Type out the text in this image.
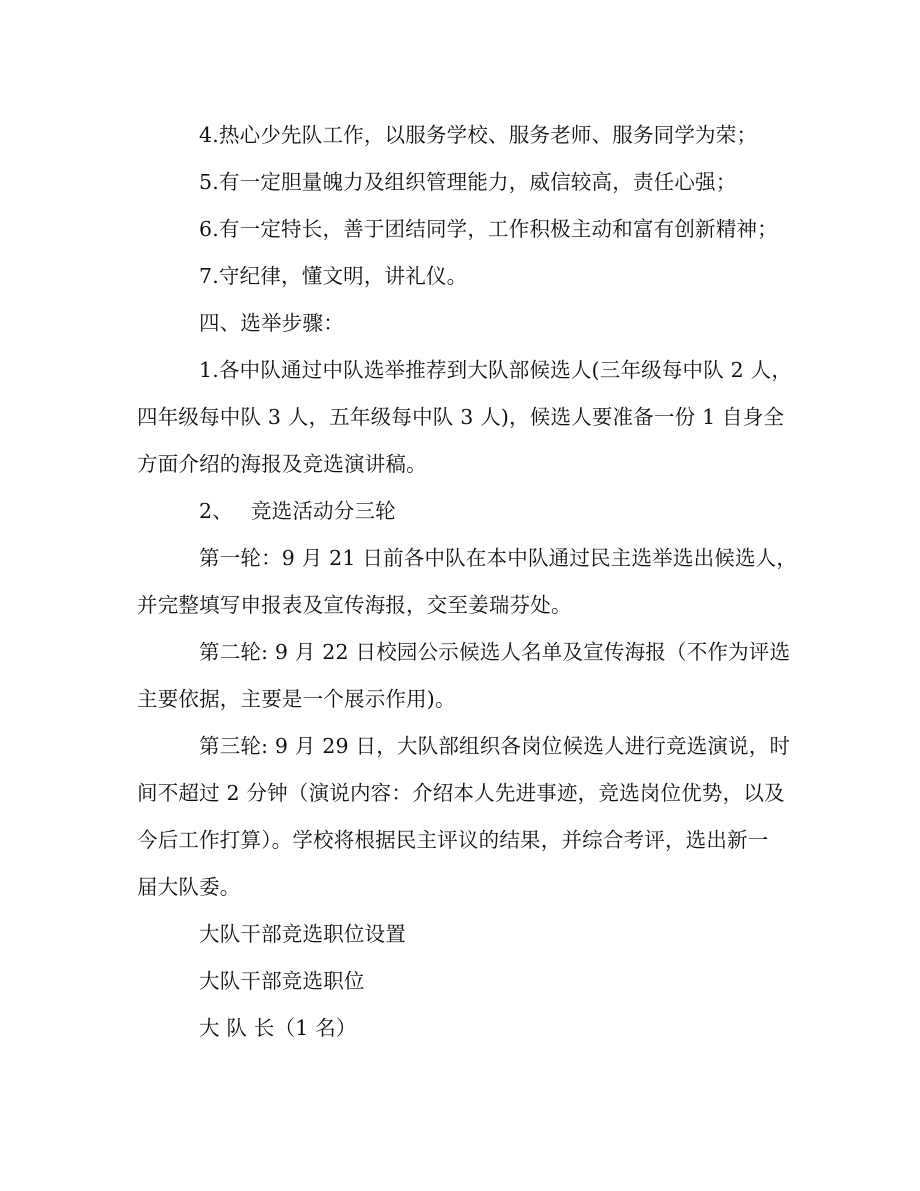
4.热心少先队工作，以服务学校、服务老师、服务同学为荣；
5.有一定胆量魄力及组织管理能力，威信较高，责任心强；
6.有一定特长，善于团结同学，工作积极主动和富有创新精神；
7.守纪律，懂文明，讲礼仪。
四、选举步骤：
1.各中队通过中队选举推荐到大队部候选人(三年级每中队 2 人，
四年级每中队 3 人，五年级每中队 3 人)，候选人要准备一份 1 自身全
方面介绍的海报及竞选演讲稿。
2、 竞选活动分三轮
第一轮：9 月 21 日前各中队在本中队通过民主选举选出候选人，
并完整填写申报表及宣传海报，交至姜瑞芬处。
第二轮: 9 月 22 日校园公示候选人名单及宣传海报（不作为评选
主要依据，主要是一个展示作用)。
第三轮: 9 月 29 日，大队部组织各岗位候选人进行竞选演说，时
间不超过 2 分钟（演说内容：介绍本人先进事迹，竞选岗位优势，以及
今后工作打算）。学校将根据民主评议的结果，并综合考评，选出新一
届大队委。
大队干部竞选职位设置
大队干部竞选职位
大 队 长（1 名）
